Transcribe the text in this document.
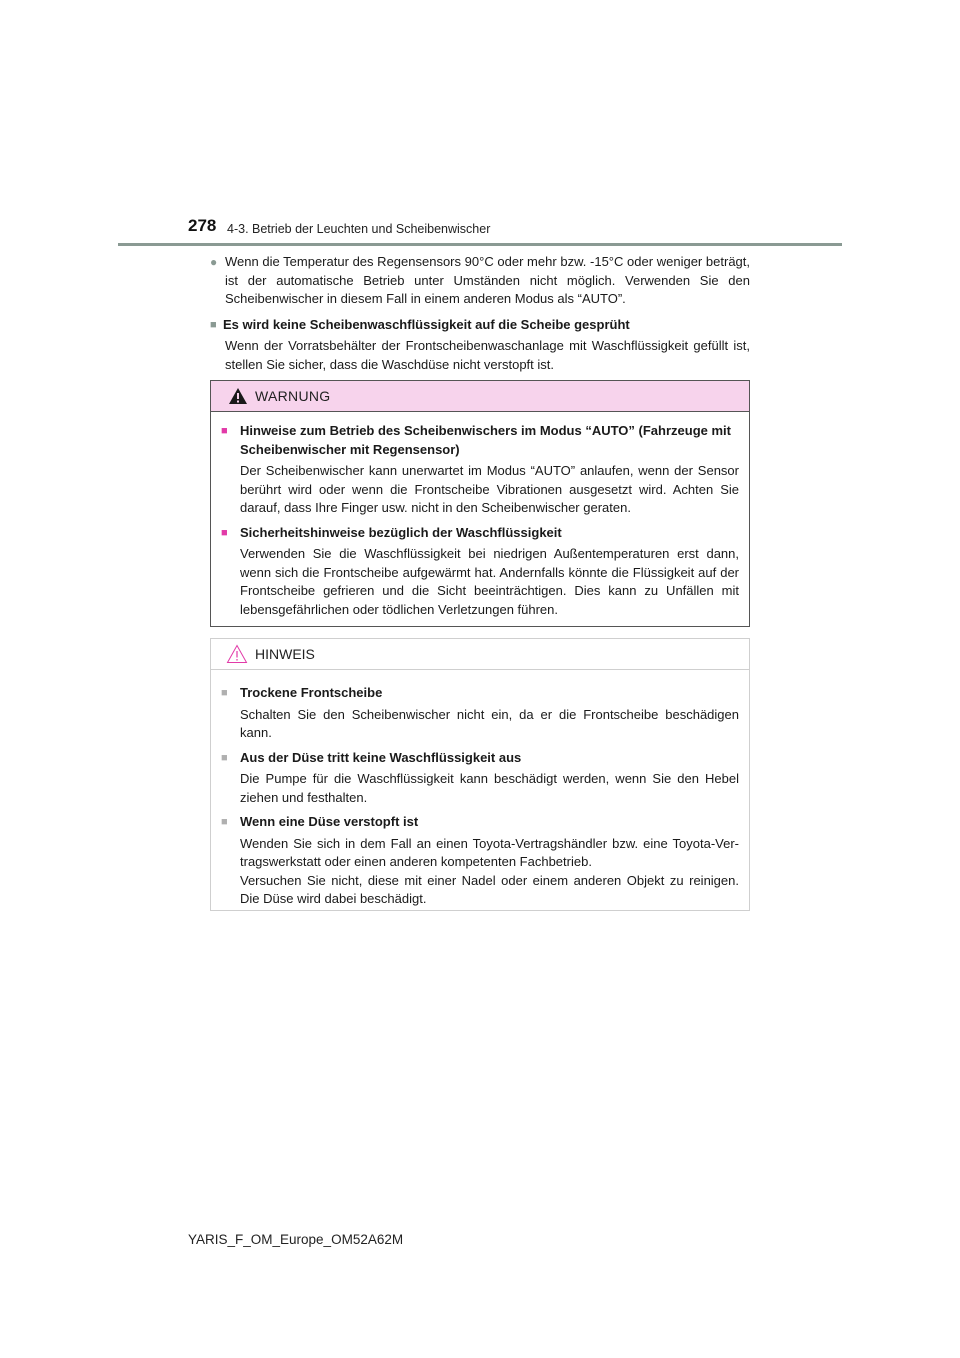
278 4-3. Betrieb der Leuchten und Scheibenwischer
● Wenn die Temperatur des Regensensors 90°C oder mehr bzw. -15°C oder weniger beträgt, ist der automatische Betrieb unter Umständen nicht möglich. Verwenden Sie den Scheibenwischer in diesem Fall in einem anderen Modus als “AUTO”.
■ Es wird keine Scheibenwaschflüssigkeit auf die Scheibe gesprüht
Wenn der Vorratsbehälter der Frontscheibenwaschanlage mit Waschflüssigkeit gefüllt ist, stellen Sie sicher, dass die Waschdüse nicht verstopft ist.
WARNUNG
■ Hinweise zum Betrieb des Scheibenwischers im Modus “AUTO” (Fahrzeuge mit Scheibenwischer mit Regensensor)
Der Scheibenwischer kann unerwartet im Modus “AUTO” anlaufen, wenn der Sensor berührt wird oder wenn die Frontscheibe Vibrationen ausgesetzt wird. Achten Sie darauf, dass Ihre Finger usw. nicht in den Scheibenwischer geraten.
■ Sicherheitshinweise bezüglich der Waschflüssigkeit
Verwenden Sie die Waschflüssigkeit bei niedrigen Außentemperaturen erst dann, wenn sich die Frontscheibe aufgewärmt hat. Andernfalls könnte die Flüssigkeit auf der Frontscheibe gefrieren und die Sicht beeinträchtigen. Dies kann zu Unfällen mit lebensgefährlichen oder tödlichen Verletzungen führen.
HINWEIS
■ Trockene Frontscheibe
Schalten Sie den Scheibenwischer nicht ein, da er die Frontscheibe beschädigen kann.
■ Aus der Düse tritt keine Waschflüssigkeit aus
Die Pumpe für die Waschflüssigkeit kann beschädigt werden, wenn Sie den Hebel ziehen und festhalten.
■ Wenn eine Düse verstopft ist
Wenden Sie sich in dem Fall an einen Toyota-Vertragshändler bzw. eine Toyota-Ver-tragswerkstatt oder einen anderen kompetenten Fachbetrieb.
Versuchen Sie nicht, diese mit einer Nadel oder einem anderen Objekt zu reinigen. Die Düse wird dabei beschädigt.
YARIS_F_OM_Europe_OM52A62M
